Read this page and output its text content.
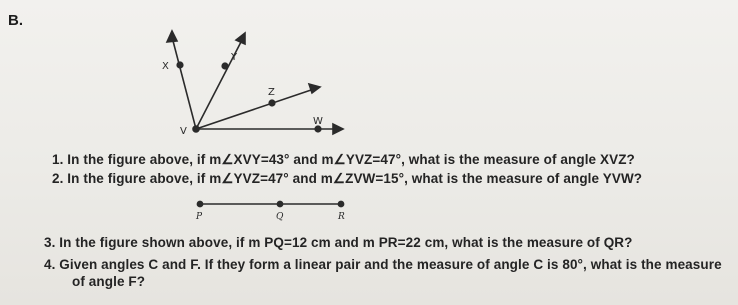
B.
X
Y
Z
W
V
P	Q	R
1. In the figure above, if m∠XVY=43° and m∠YVZ=47°, what is the measure of angle XVZ?
2. In the figure above, if m∠YVZ=47° and m∠ZVW=15°, what is the measure of angle YVW?
3. In the figure shown above, if m PQ=12 cm and m PR=22 cm, what is the measure of QR?
4. Given angles C and F. If they form a linear pair and the measure of angle C is 80°, what is the measure
of angle F?
